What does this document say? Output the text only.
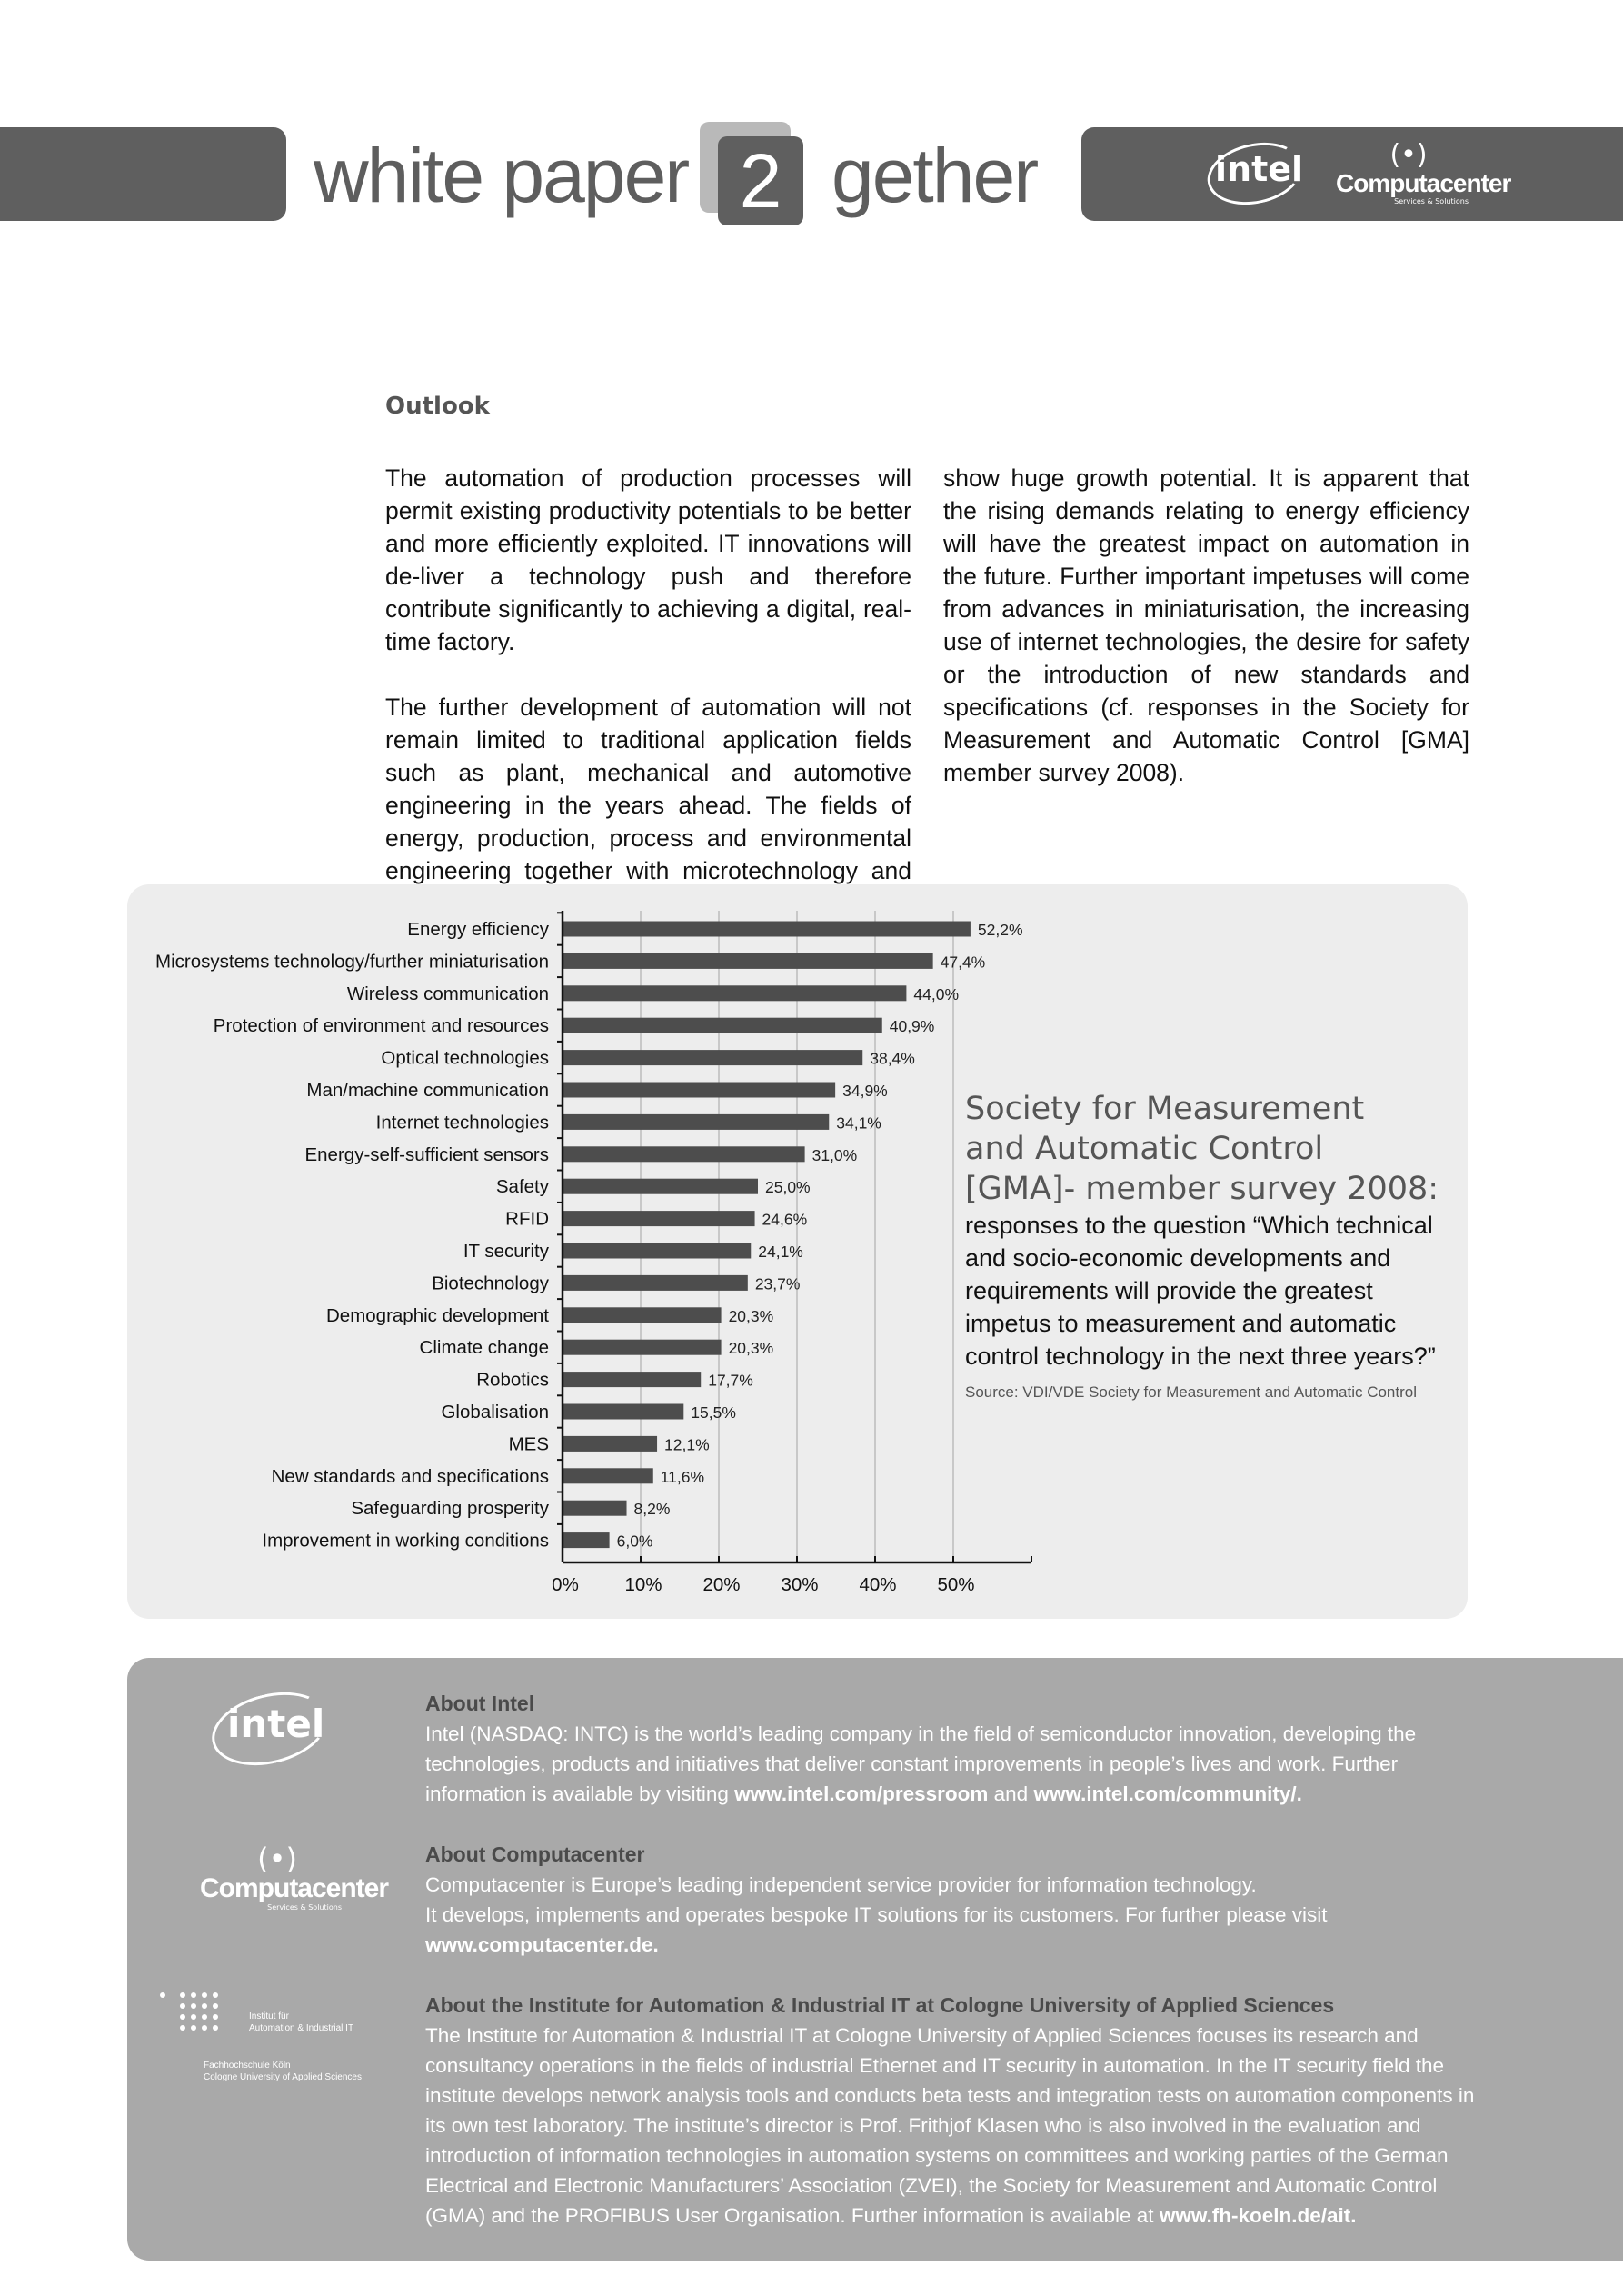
white paper 2 gether	intel	(•)
Computacenter
Services & Solutions
Outlook

The automation of production processes will permit existing productivity potentials to be better and more efficiently exploited. IT innovations will de-liver a technology push and therefore contribute significantly to achieving a digital, real-time factory.

The further development of automation will not remain limited to traditional application fields such as plant, mechanical and automotive engineering in the years ahead. The fields of energy, production, process and environmental engineering together with microtechnology and

show huge growth potential. It is apparent that the rising demands relating to energy efficiency will have the greatest impact on automation in the future. Further important impetuses will come from advances in miniaturisation, the increasing use of internet technologies, the desire for safety or the introduction of new standards and specifications (cf. responses in the Society for Measurement and Automatic Control [GMA] member survey 2008).

Energy efficiency	52,2%
Microsystems technology/further miniaturisation	47,4%
Wireless communication	44,0%
Protection of environment and resources	40,9%
Optical technologies	38,4%
Man/machine communication	34,9%
Internet technologies	34,1%
Energy-self-sufficient sensors	31,0%
Safety	25,0%
RFID	24,6%
IT security	24,1%
Biotechnology	23,7%
Demographic development	20,3%
Climate change	20,3%
Robotics	17,7%
Globalisation	15,5%
MES	12,1%
New standards and specifications	11,6%
Safeguarding prosperity	8,2%
Improvement in working conditions	6,0%
0% 10% 20% 30% 40% 50%
Society for Measurement
and Automatic Control
[GMA]- member survey 2008:
responses to the question “Which technical and socio-economic developments and requirements will provide the greatest impetus to measurement and automatic control technology in the next three years?”
Source: VDI/VDE Society for Measurement and Automatic Control
intel
(•)
Computacenter
Services & Solutions
Institut für
Automation & Industrial IT
Fachhochschule Köln
Cologne University of Applied Sciences
About Intel
Intel (NASDAQ: INTC) is the world’s leading company in the field of semiconductor innovation, developing the technologies, products and initiatives that deliver constant improvements in people’s lives and work. Further information is available by visiting www.intel.com/pressroom and www.intel.com/community/.
About Computacenter
Computacenter is Europe’s leading independent service provider for information technology.
It develops, implements and operates bespoke IT solutions for its customers. For further please visit
www.computacenter.de.
About the Institute for Automation & Industrial IT at Cologne University of Applied Sciences
The Institute for Automation & Industrial IT at Cologne University of Applied Sciences focuses its research and consultancy operations in the fields of industrial Ethernet and IT security in automation. In the IT security field the institute develops network analysis tools and conducts beta tests and integration tests on automation components in its own test laboratory. The institute’s director is Prof. Frithjof Klasen who is also involved in the evaluation and introduction of information technologies in automation systems on committees and working parties of the German Electrical and Electronic Manufacturers’ Association (ZVEI), the Society for Measurement and Automatic Control (GMA) and the PROFIBUS User Organisation. Further information is available at www.fh-koeln.de/ait.
